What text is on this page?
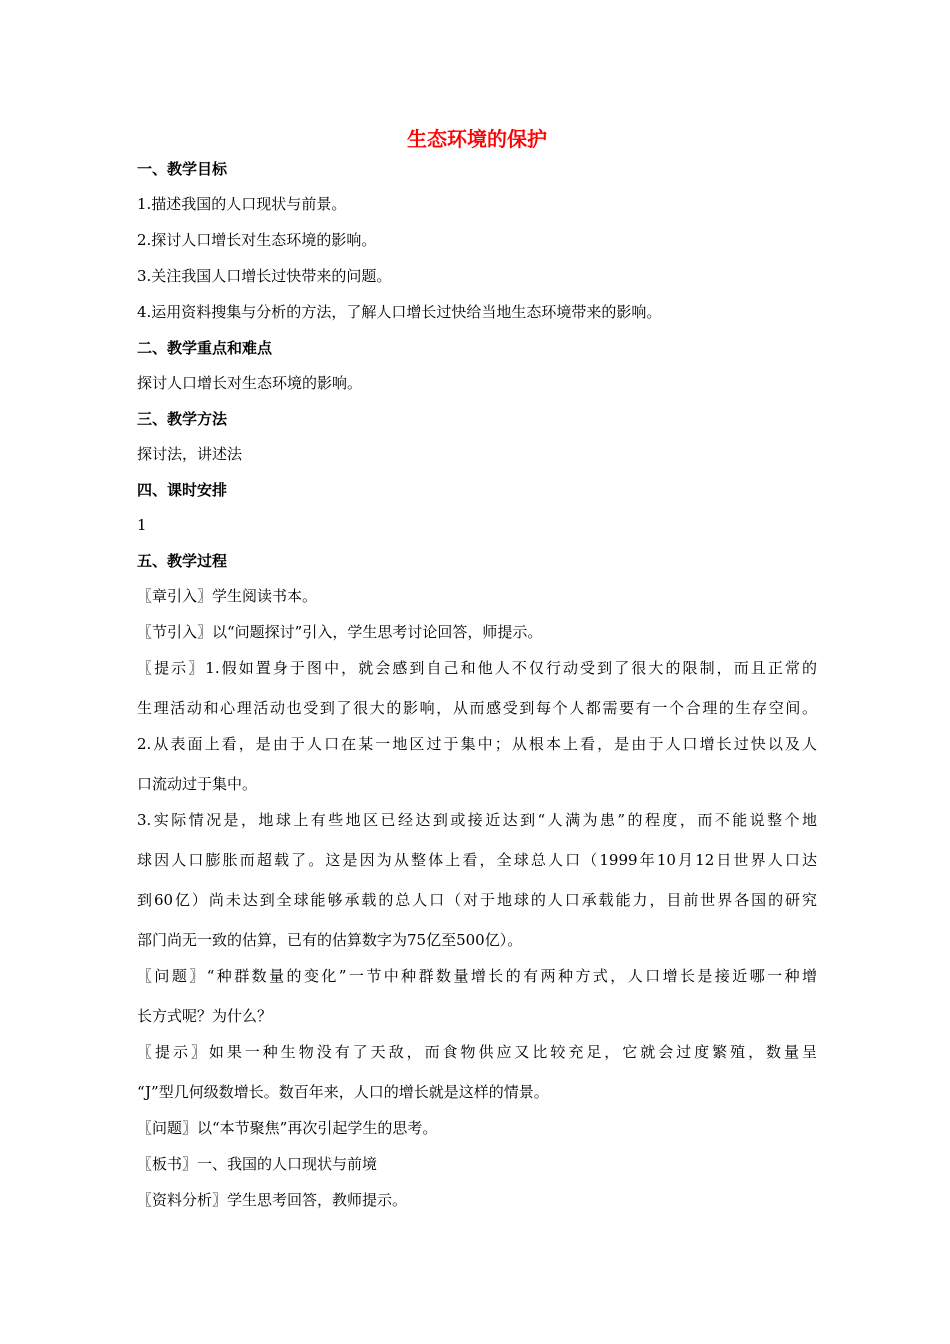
生态环境的保护
一、教学目标
1.描述我国的人口现状与前景。
2.探讨人口增长对生态环境的影响。
3.关注我国人口增长过快带来的问题。
4.运用资料搜集与分析的方法，了解人口增长过快给当地生态环境带来的影响。
二、教学重点和难点
探讨人口增长对生态环境的影响。
三、教学方法
探讨法，讲述法
四、课时安排
1
五、教学过程
〖章引入〗学生阅读书本。
〖节引入〗以“问题探讨”引入，学生思考讨论回答，师提示。
〖提示〗1.假如置身于图中，就会感到自己和他人不仅行动受到了很大的限制，而且正常的
生理活动和心理活动也受到了很大的影响，从而感受到每个人都需要有一个合理的生存空间。
2.从表面上看，是由于人口在某一地区过于集中；从根本上看，是由于人口增长过快以及人
口流动过于集中。
3.实际情况是，地球上有些地区已经达到或接近达到“人满为患”的程度，而不能说整个地
球因人口膨胀而超载了。这是因为从整体上看，全球总人口（1999年10月12日世界人口达
到60亿）尚未达到全球能够承载的总人口（对于地球的人口承载能力，目前世界各国的研究
部门尚无一致的估算，已有的估算数字为75亿至500亿）。
〖问题〗“种群数量的变化”一节中种群数量增长的有两种方式，人口增长是接近哪一种增
长方式呢？为什么？
〖提示〗如果一种生物没有了天敌，而食物供应又比较充足，它就会过度繁殖，数量呈
“J”型几何级数增长。数百年来，人口的增长就是这样的情景。
〖问题〗以“本节聚焦”再次引起学生的思考。
〖板书〗一、我国的人口现状与前境
〖资料分析〗学生思考回答，教师提示。
